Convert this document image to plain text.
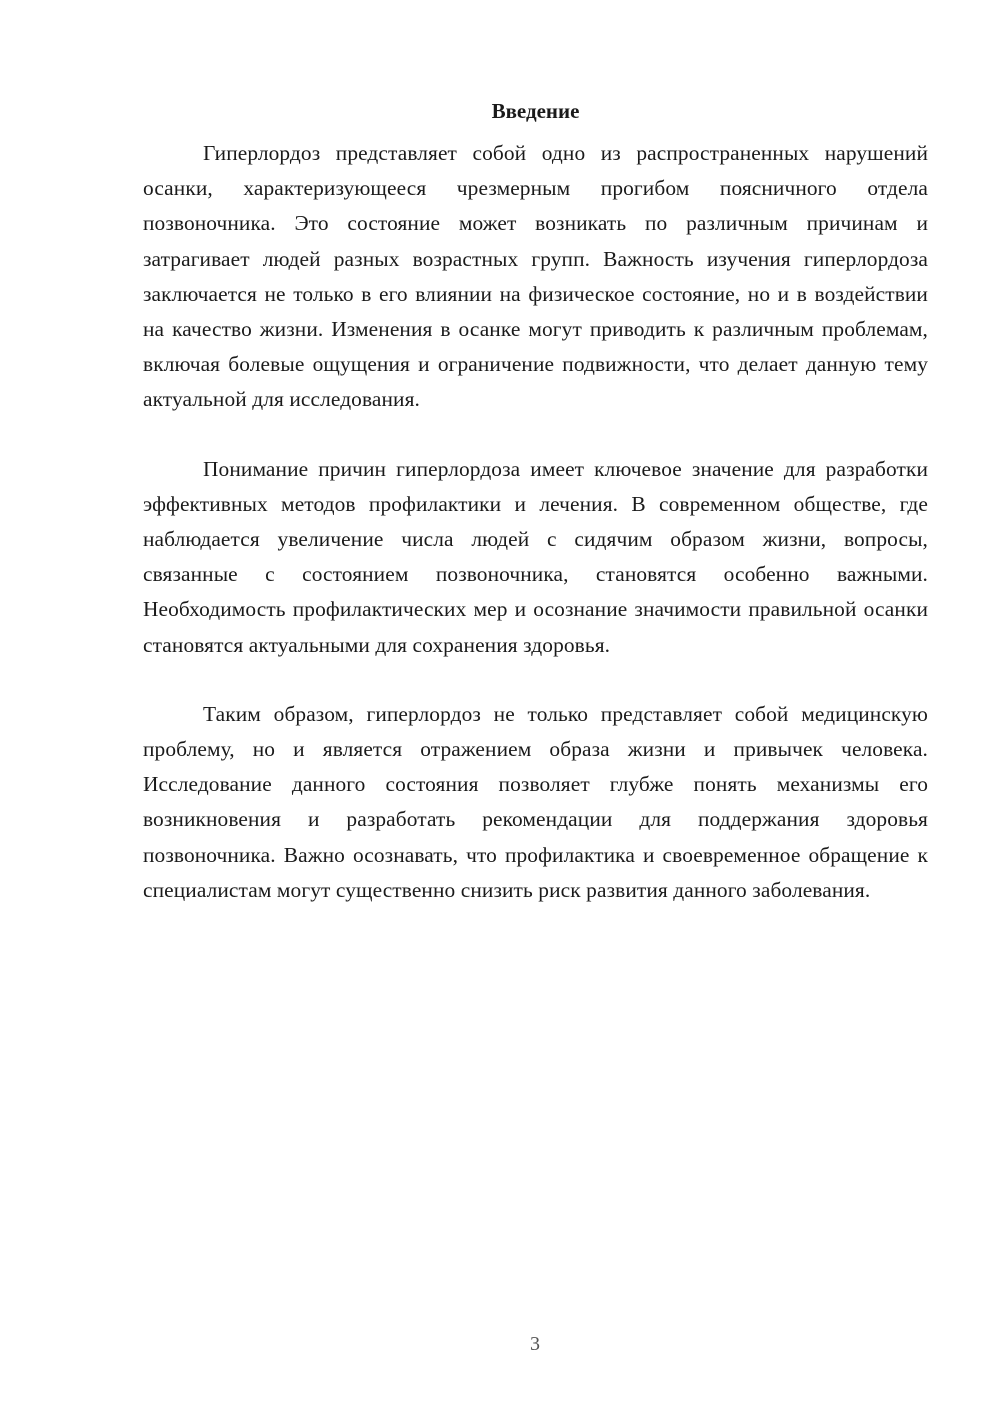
Введение

Гиперлордоз представляет собой одно из распространенных нарушений осанки, характеризующееся чрезмерным прогибом поясничного отдела позвоночника. Это состояние может возникать по различным причинам и затрагивает людей разных возрастных групп. Важность изучения гиперлордоза заключается не только в его влиянии на физическое состояние, но и в воздействии на качество жизни. Изменения в осанке могут приводить к различным проблемам, включая болевые ощущения и ограничение подвижности, что делает данную тему актуальной для исследования.

Понимание причин гиперлордоза имеет ключевое значение для разработки эффективных методов профилактики и лечения. В современном обществе, где наблюдается увеличение числа людей с сидячим образом жизни, вопросы, связанные с состоянием позвоночника, становятся особенно важными. Необходимость профилактических мер и осознание значимости правильной осанки становятся актуальными для сохранения здоровья.

Таким образом, гиперлордоз не только представляет собой медицинскую проблему, но и является отражением образа жизни и привычек человека. Исследование данного состояния позволяет глубже понять механизмы его возникновения и разработать рекомендации для поддержания здоровья позвоночника. Важно осознавать, что профилактика и своевременное обращение к специалистам могут существенно снизить риск развития данного заболевания.

3
